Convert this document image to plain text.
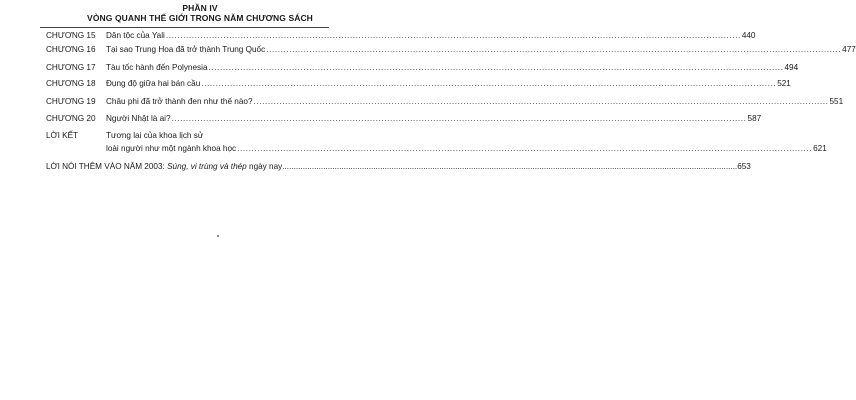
PHẦN IV
VÒNG QUANH THẾ GIỚI TRONG NĂM CHƯƠNG SÁCH
CHƯƠNG 15 Dân tộc của Yali ........................................................................................................................................................................................................ 440
CHƯƠNG 16 Tại sao Trung Hoa đã trở thành Trung Quốc ........................................................................................................................................................................................................ 477
CHƯƠNG 17 Tàu tốc hành đến Polynesia ........................................................................................................................................................................................................ 494
CHƯƠNG 18 Đụng độ giữa hai bán cầu ........................................................................................................................................................................................................ 521
CHƯƠNG 19 Châu phi đã trở thành đen như thế nào? ........................................................................................................................................................................................................ 551
CHƯƠNG 20 Người Nhật là ai? ........................................................................................................................................................................................................ 587
LỜI KẾT	Tương lai của khoa lịch sử
loài người như một ngành khoa học ........................................................................................................................................................................................................ 621
LỜI NÓI THÊM VÀO NĂM 2003: Súng, vi trùng và thép ngày nay ........................................................................................................................................................................................................ 653
